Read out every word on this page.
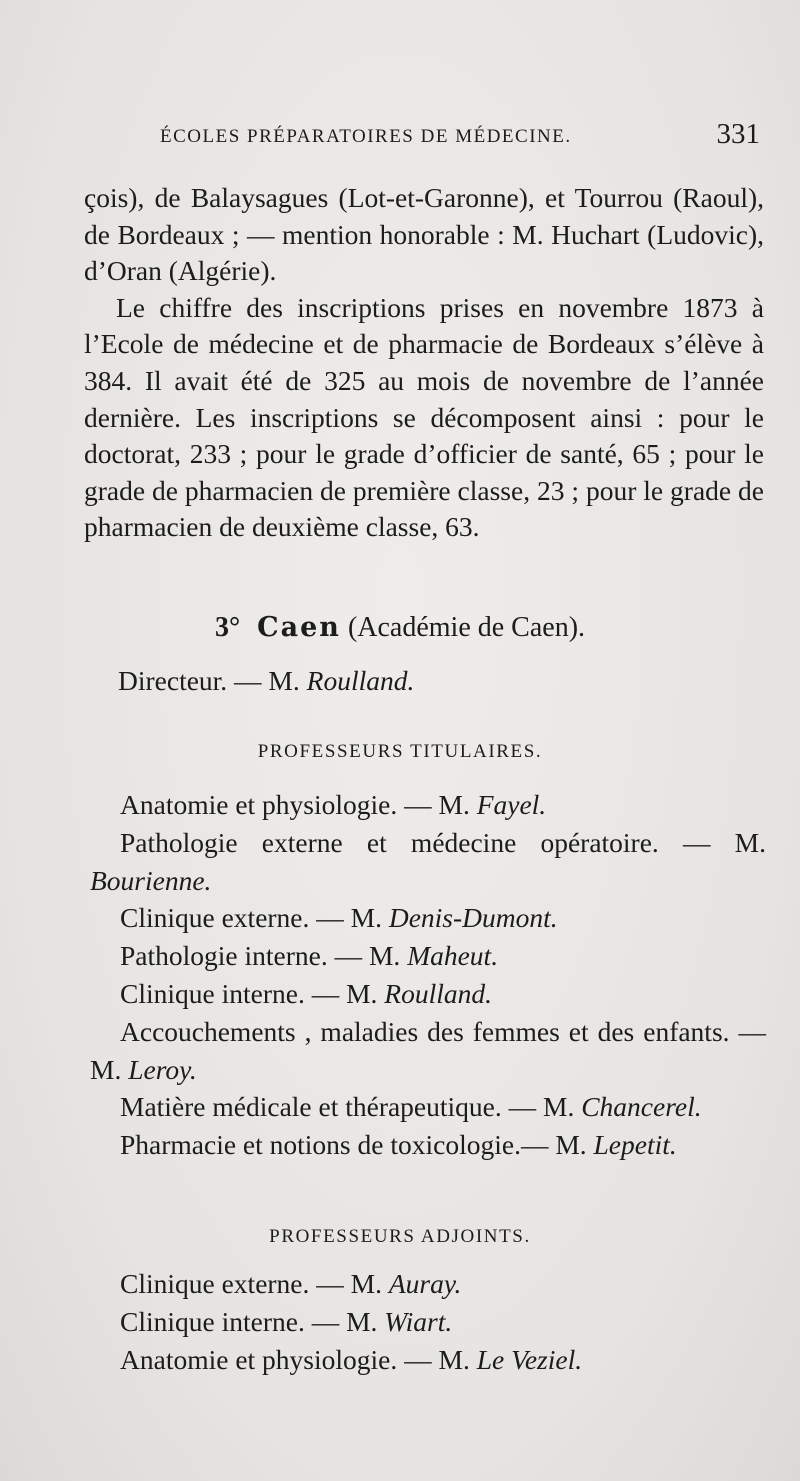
ÉCOLES PRÉPARATOIRES DE MÉDECINE.	331

çois), de Balaysagues (Lot-et-Garonne), et Tourrou (Raoul), de Bordeaux ; — mention honorable : M. Huchart (Ludovic), d’Oran (Algérie).

Le chiffre des inscriptions prises en novembre 1873 à l’Ecole de médecine et de pharmacie de Bordeaux s’élève à 384. Il avait été de 325 au mois de novembre de l’année dernière. Les inscriptions se décomposent ainsi : pour le doctorat, 233 ; pour le grade d’officier de santé, 65 ; pour le grade de pharmacien de première classe, 23 ; pour le grade de pharmacien de deuxième classe, 63.

3° Caen (Académie de Caen).
Directeur. — M. Roulland.
PROFESSEURS TITULAIRES.

Anatomie et physiologie. — M. Fayel.

Pathologie externe et médecine opératoire. — M. Bourienne.

Clinique externe. — M. Denis-Dumont.

Pathologie interne. — M. Maheut.

Clinique interne. — M. Roulland.

Accouchements , maladies des femmes et des enfants. — M. Leroy.

Matière médicale et thérapeutique. — M. Chancerel.

Pharmacie et notions de toxicologie.— M. Lepetit.

PROFESSEURS ADJOINTS.

Clinique externe. — M. Auray.

Clinique interne. — M. Wiart.

Anatomie et physiologie. — M. Le Veziel.
